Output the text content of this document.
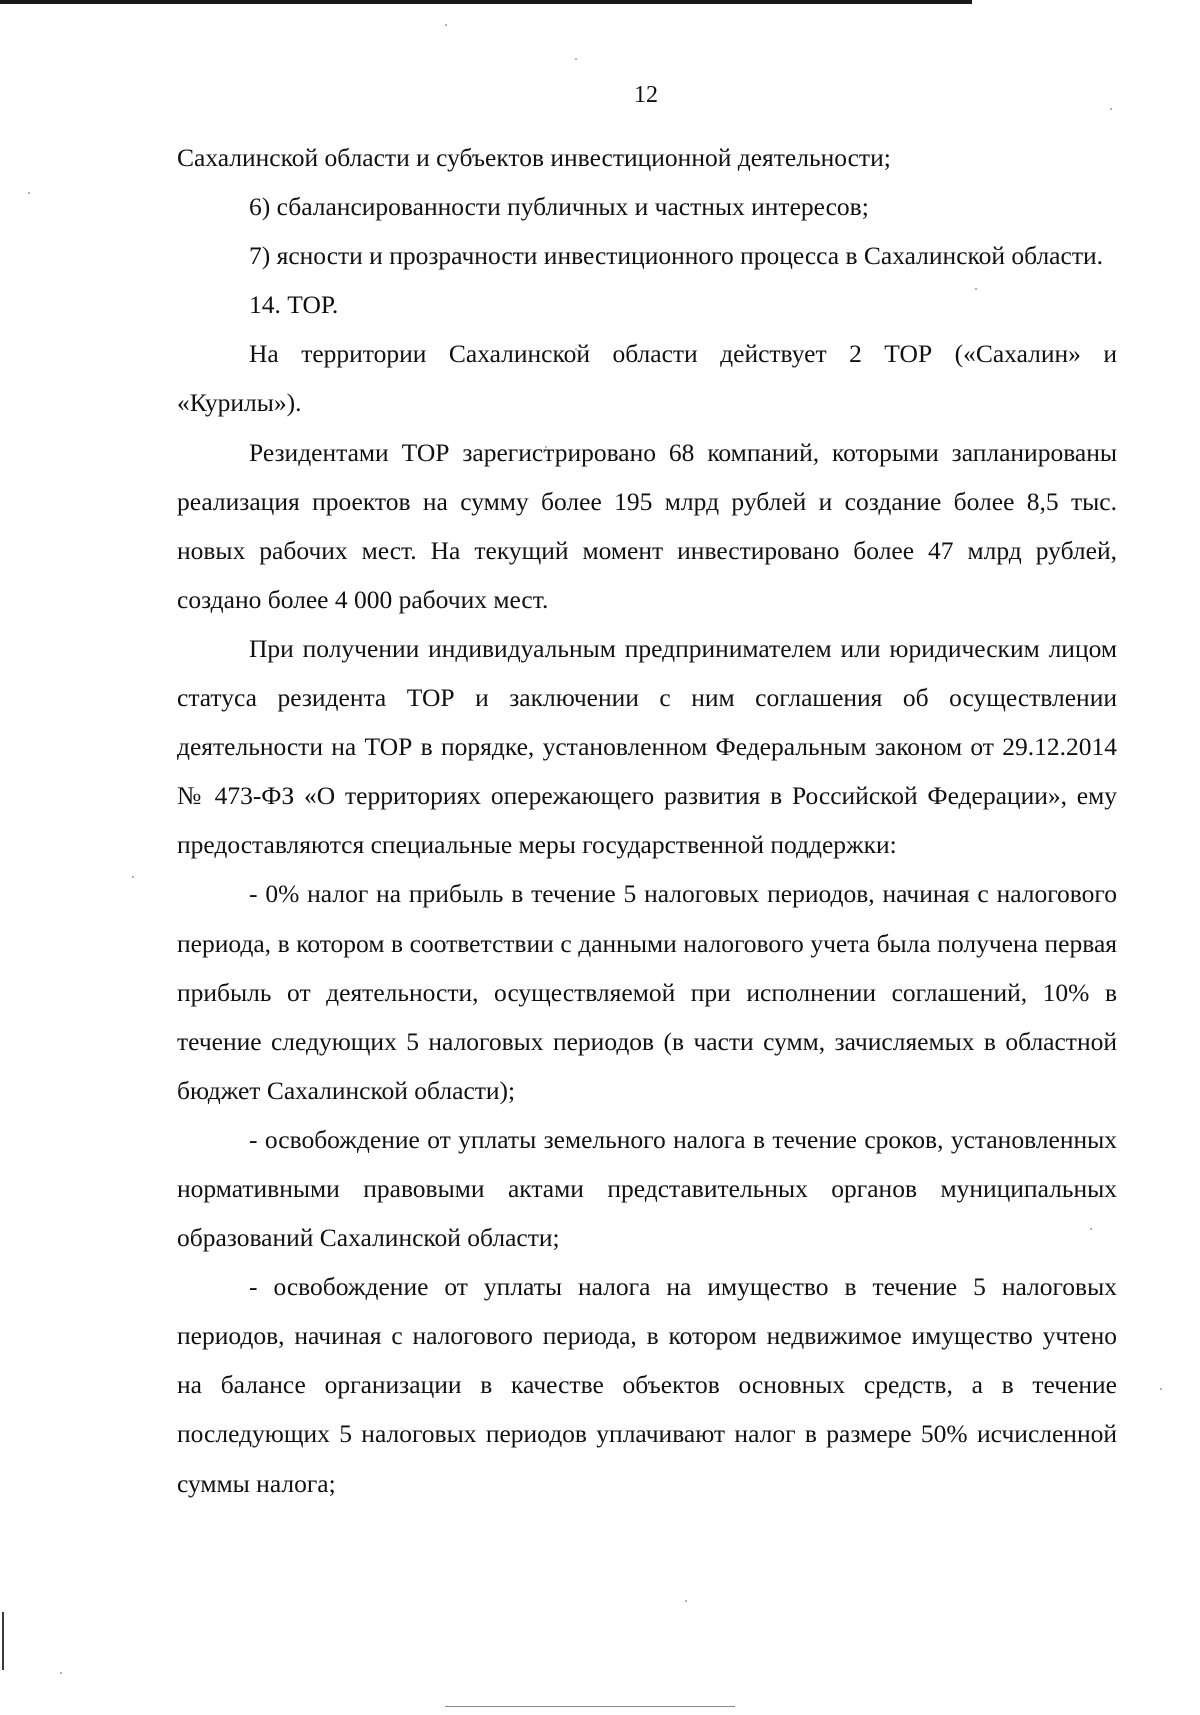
12

Сахалинской области и субъектов инвестиционной деятельности;

6) сбалансированности публичных и частных интересов;

7) ясности и прозрачности инвестиционного процесса в Сахалинской области.

14. ТОР.

На территории Сахалинской области действует 2 ТОР («Сахалин» и «Курилы»).

Резидентами ТОР зарегистрировано 68 компаний, которыми запланированы реализация проектов на сумму более 195 млрд рублей и создание более 8,5 тыс. новых рабочих мест. На текущий момент инвестировано более 47 млрд рублей, создано более 4 000 рабочих мест.

При получении индивидуальным предпринимателем или юридическим лицом статуса резидента ТОР и заключении с ним соглашения об осуществлении деятельности на ТОР в порядке, установленном Федеральным законом от 29.12.2014 № 473-ФЗ «О территориях опережающего развития в Российской Федерации», ему предоставляются специальные меры государственной поддержки:

- 0% налог на прибыль в течение 5 налоговых периодов, начиная с налогового периода, в котором в соответствии с данными налогового учета была получена первая прибыль от деятельности, осуществляемой при исполнении соглашений, 10% в течение следующих 5 налоговых периодов (в части сумм, зачисляемых в областной бюджет Сахалинской области);

- освобождение от уплаты земельного налога в течение сроков, установленных нормативными правовыми актами представительных органов муниципальных образований Сахалинской области;

- освобождение от уплаты налога на имущество в течение 5 налоговых периодов, начиная с налогового периода, в котором недвижимое имущество учтено на балансе организации в качестве объектов основных средств, а в течение последующих 5 налоговых периодов уплачивают налог в размере 50% исчисленной суммы налога;
